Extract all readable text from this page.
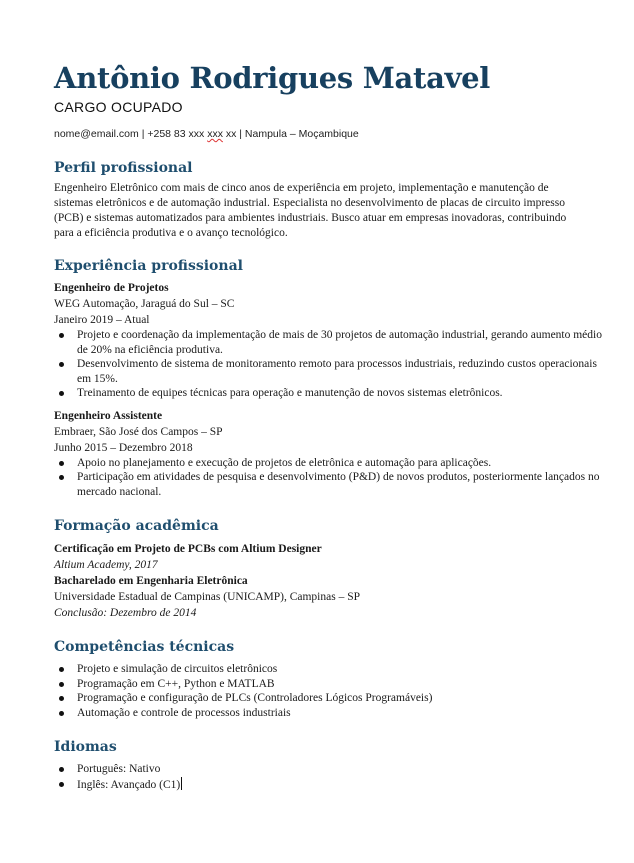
Antônio Rodrigues Matavel
CARGO OCUPADO
nome@email.com | +258 83 xxx xxx xx | Nampula – Moçambique
Perfil profissional
Engenheiro Eletrônico com mais de cinco anos de experiência em projeto, implementação e manutenção de sistemas eletrônicos e de automação industrial. Especialista no desenvolvimento de placas de circuito impresso (PCB) e sistemas automatizados para ambientes industriais. Busco atuar em empresas inovadoras, contribuindo para a eficiência produtiva e o avanço tecnológico.
Experiência profissional
Engenheiro de Projetos
WEG Automação, Jaraguá do Sul – SC
Janeiro 2019 – Atual
Projeto e coordenação da implementação de mais de 30 projetos de automação industrial, gerando aumento médio de 20% na eficiência produtiva.
Desenvolvimento de sistema de monitoramento remoto para processos industriais, reduzindo custos operacionais em 15%.
Treinamento de equipes técnicas para operação e manutenção de novos sistemas eletrônicos.
Engenheiro Assistente
Embraer, São José dos Campos – SP
Junho 2015 – Dezembro 2018
Apoio no planejamento e execução de projetos de eletrônica e automação para aplicações.
Participação em atividades de pesquisa e desenvolvimento (P&D) de novos produtos, posteriormente lançados no mercado nacional.
Formação acadêmica
Certificação em Projeto de PCBs com Altium Designer
Altium Academy, 2017
Bacharelado em Engenharia Eletrônica
Universidade Estadual de Campinas (UNICAMP), Campinas – SP
Conclusão: Dezembro de 2014
Competências técnicas
Projeto e simulação de circuitos eletrônicos
Programação em C++, Python e MATLAB
Programação e configuração de PLCs (Controladores Lógicos Programáveis)
Automação e controle de processos industriais
Idiomas
Português: Nativo
Inglês: Avançado (C1)
